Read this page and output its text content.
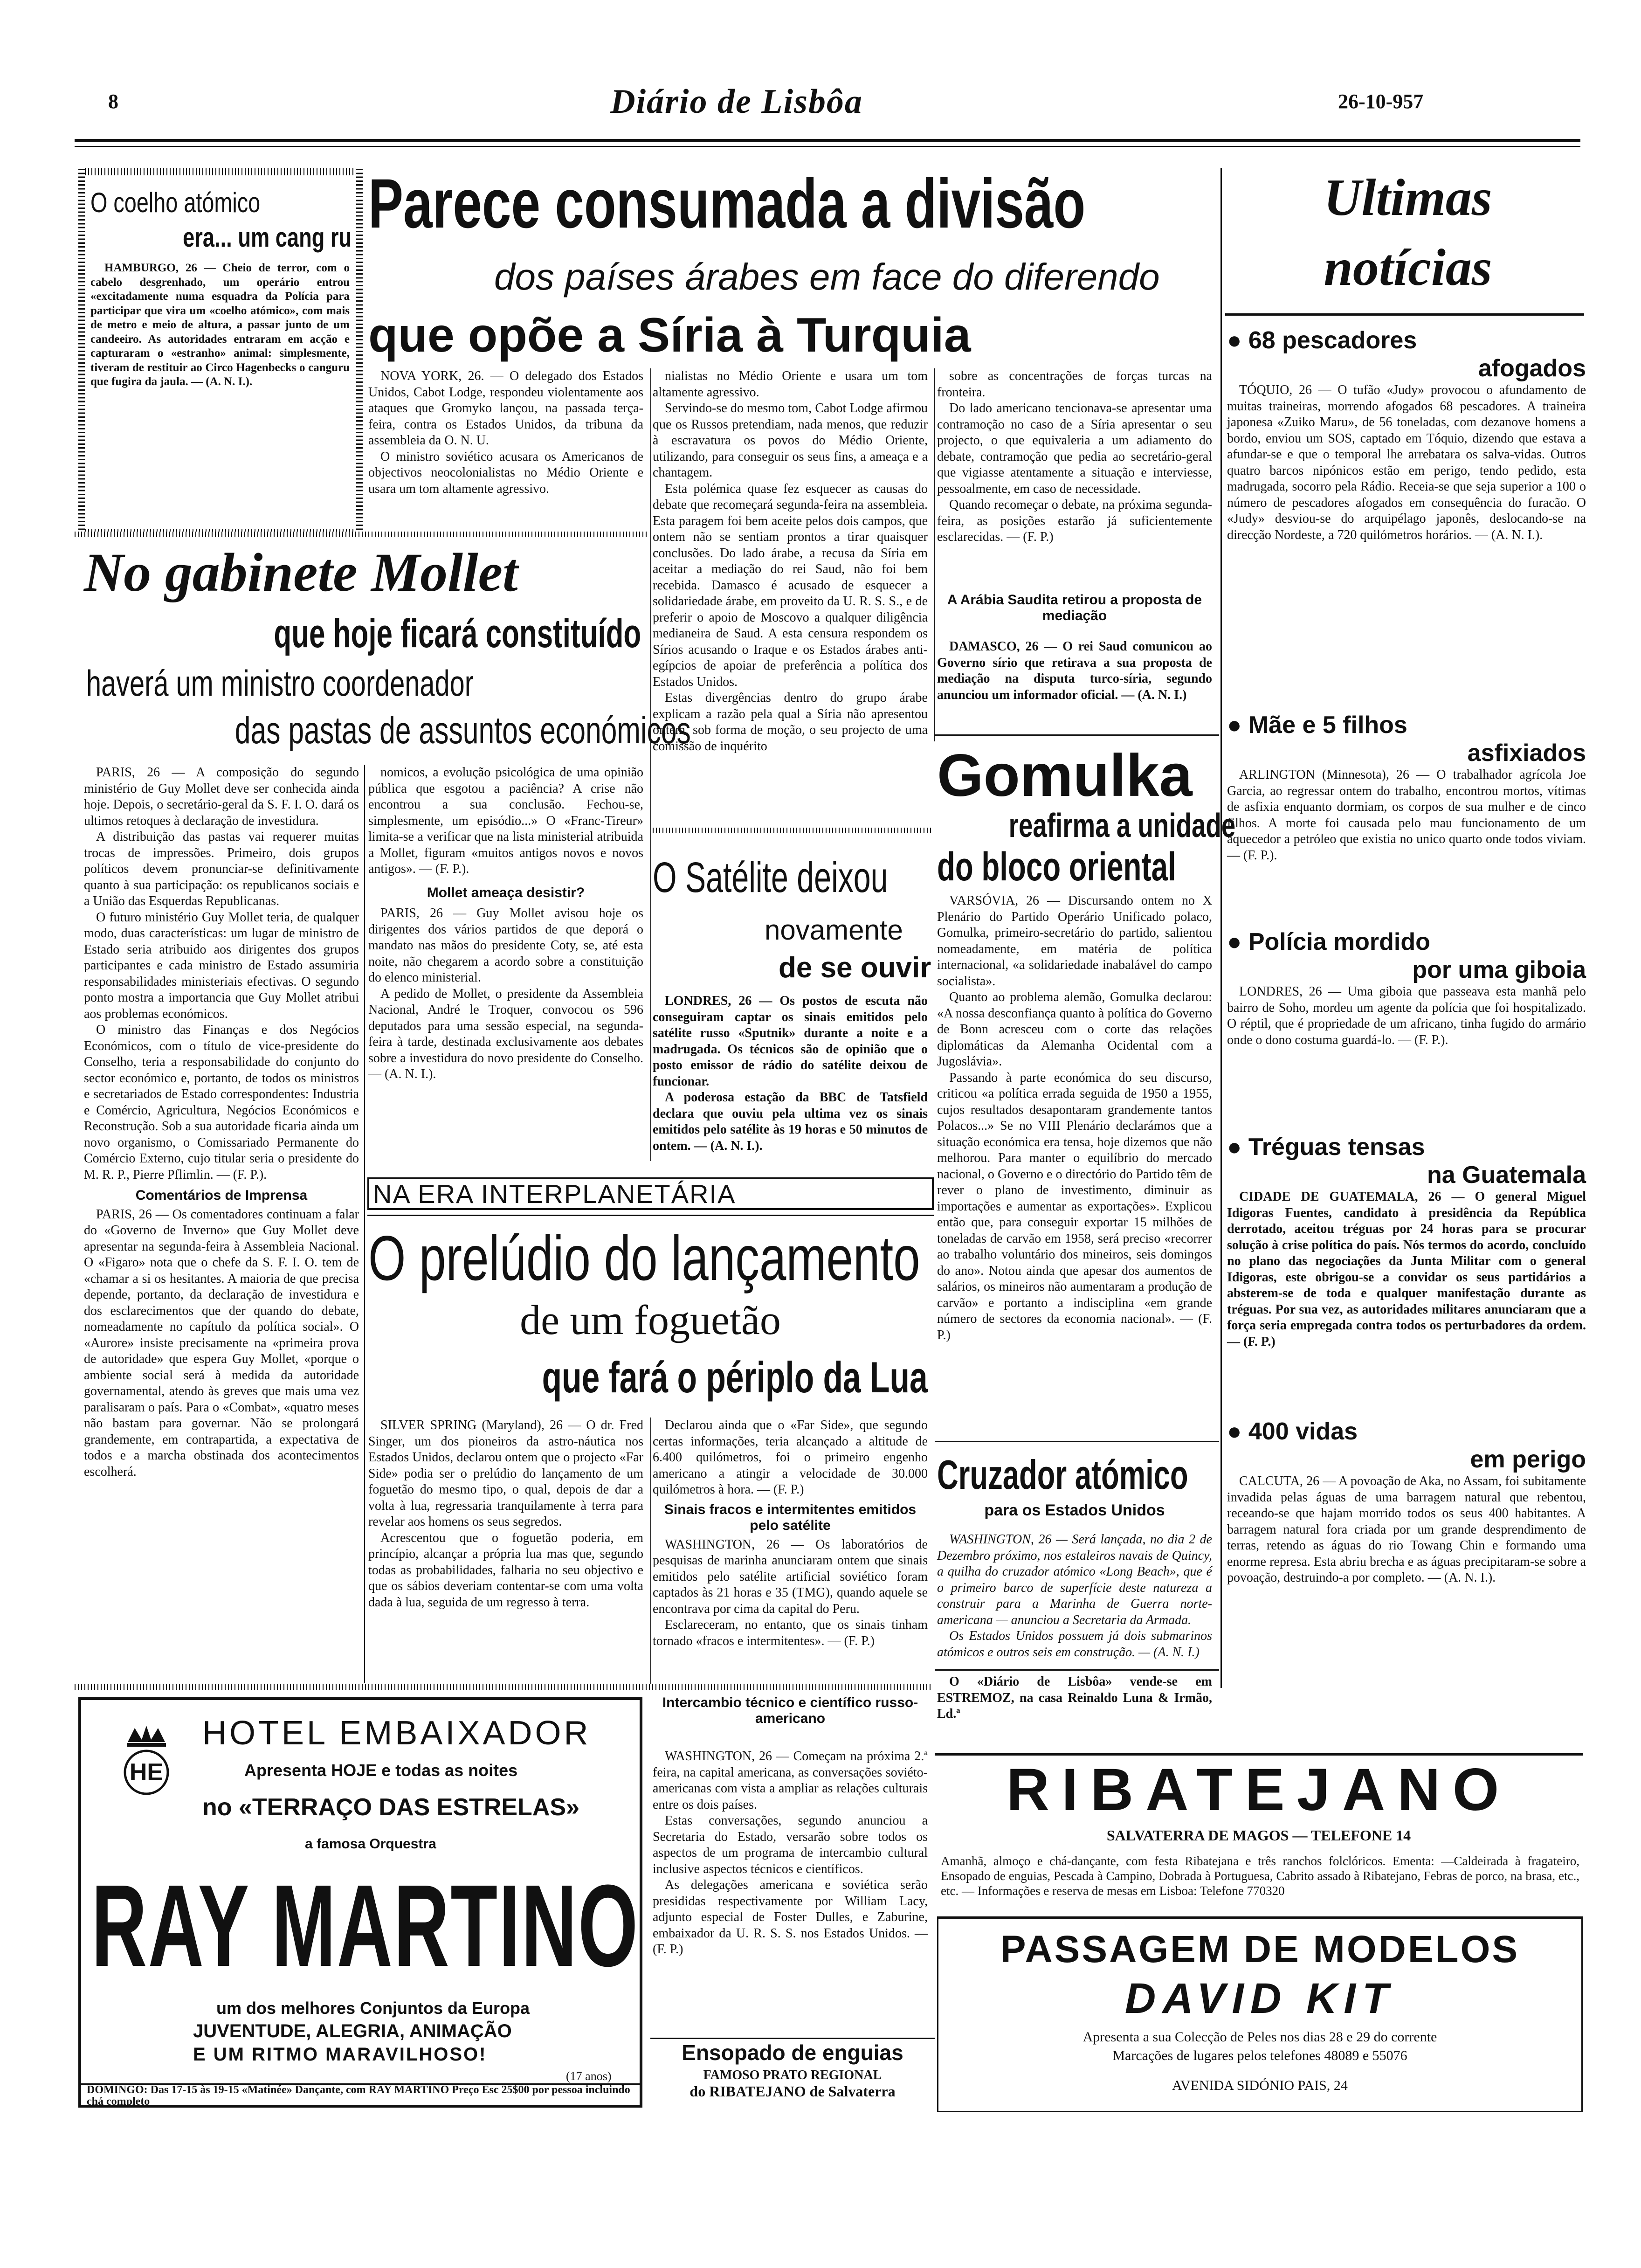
8	Diário de Lisbôa	26-10-957
O coelho atómico
era... um cang ru

HAMBURGO, 26 — Cheio de terror, com o cabelo desgrenhado, um operário entrou «excitadamente numa esquadra da Polícia para participar que vira um «coelho atómico», com mais de metro e meio de altura, a passar junto de um candeeiro. As autoridades entraram em acção e capturaram o «estranho» animal: simplesmente, tiveram de restituir ao Circo Hagenbecks o canguru que fugira da jaula. — (A. N. I.).

Parece consumada a divisão
dos países árabes em face do diferendo
que opõe a Síria à Turquia

NOVA YORK, 26. — O delegado dos Estados Unidos, Cabot Lodge, respondeu violentamente aos ataques que Gromyko lançou, na passada terça-feira, contra os Estados Unidos, da tribuna da assembleia da O. N. U.

O ministro soviético acusara os Americanos de objectivos neocolonialistas no Médio Oriente e usara um tom altamente agressivo.

nialistas no Médio Oriente e usara um tom altamente agressivo.

Servindo-se do mesmo tom, Cabot Lodge afirmou que os Russos pretendiam, nada menos, que reduzir à escravatura os povos do Médio Oriente, utilizando, para conseguir os seus fins, a ameaça e a chantagem.

Esta polémica quase fez esquecer as causas do debate que recomeçará segunda-feira na assembleia. Esta paragem foi bem aceite pelos dois campos, que ontem não se sentiam prontos a tirar quaisquer conclusões. Do lado árabe, a recusa da Síria em aceitar a mediação do rei Saud, não foi bem recebida. Damasco é acusado de esquecer a solidariedade árabe, em proveito da U. R. S. S., e de preferir o apoio de Moscovo a qualquer diligência medianeira de Saud. A esta censura respondem os Sírios acusando o Iraque e os Estados árabes anti-egípcios de apoiar de preferência a política dos Estados Unidos.

Estas divergências dentro do grupo árabe explicam a razão pela qual a Síria não apresentou ontem, sob forma de moção, o seu projecto de uma comissão de inquérito

sobre as concentrações de forças turcas na fronteira.

Do lado americano tencionava-se apresentar uma contramoção no caso de a Síria apresentar o seu projecto, o que equivaleria a um adiamento do debate, contramoção que pedia ao secretário-geral que vigiasse atentamente a situação e interviesse, pessoalmente, em caso de necessidade.

Quando recomeçar o debate, na próxima segunda-feira, as posições estarão já suficientemente esclarecidas. — (F. P.)

A Arábia Saudita retirou a proposta de mediação

DAMASCO, 26 — O rei Saud comunicou ao Governo sírio que retirava a sua proposta de mediação na disputa turco-síria, segundo anunciou um informador oficial. — (A. N. I.)

No gabinete Mollet
que hoje ficará constituído
haverá um ministro coordenador
das pastas de assuntos económicos

PARIS, 26 — A composição do segundo ministério de Guy Mollet deve ser conhecida ainda hoje. Depois, o secretário-geral da S. F. I. O. dará os ultimos retoques à declaração de investidura.

A distribuição das pastas vai requerer muitas trocas de impressões. Primeiro, dois grupos políticos devem pronunciar-se definitivamente quanto à sua participação: os republicanos sociais e a União das Esquerdas Republicanas.

O futuro ministério Guy Mollet teria, de qualquer modo, duas características: um lugar de ministro de Estado seria atribuido aos dirigentes dos grupos participantes e cada ministro de Estado assumiria responsabilidades ministeriais efectivas. O segundo ponto mostra a importancia que Guy Mollet atribui aos problemas económicos.

O ministro das Finanças e dos Negócios Económicos, com o título de vice-presidente do Conselho, teria a responsabilidade do conjunto do sector económico e, portanto, de todos os ministros e secretariados de Estado correspondentes: Industria e Comércio, Agricultura, Negócios Económicos e Reconstrução. Sob a sua autoridade ficaria ainda um novo organismo, o Comissariado Permanente do Comércio Externo, cujo titular seria o presidente do M. R. P., Pierre Pflimlin. — (F. P.).

Comentários de Imprensa

PARIS, 26 — Os comentadores continuam a falar do «Governo de Inverno» que Guy Mollet deve apresentar na segunda-feira à Assembleia Nacional. O «Figaro» nota que o chefe da S. F. I. O. tem de «chamar a si os hesitantes. A maioria de que precisa depende, portanto, da declaração de investidura e dos esclarecimentos que der quando do debate, nomeadamente no capítulo da política social». O «Aurore» insiste precisamente na «primeira prova de autoridade» que espera Guy Mollet, «porque o ambiente social será à medida da autoridade governamental, atendo às greves que mais uma vez paralisaram o país. Para o «Combat», «quatro meses não bastam para governar. Não se prolongará grandemente, em contrapartida, a expectativa de todos e a marcha obstinada dos acontecimentos escolherá.

nomicos, a evolução psicológica de uma opinião pública que esgotou a paciência? A crise não encontrou a sua conclusão. Fechou-se, simplesmente, um episódio...» O «Franc-Tireur» limita-se a verificar que na lista ministerial atribuida a Mollet, figuram «muitos antigos novos e novos antigos». — (F. P.).

Mollet ameaça desistir?

PARIS, 26 — Guy Mollet avisou hoje os dirigentes dos vários partidos de que deporá o mandato nas mãos do presidente Coty, se, até esta noite, não chegarem a acordo sobre a constituição do elenco ministerial.

A pedido de Mollet, o presidente da Assembleia Nacional, André le Troquer, convocou os 596 deputados para uma sessão especial, na segunda-feira à tarde, destinada exclusivamente aos debates sobre a investidura do novo presidente do Conselho. — (A. N. I.).

O Satélite deixou
novamente
de se ouvir

LONDRES, 26 — Os postos de escuta não conseguiram captar os sinais emitidos pelo satélite russo «Sputnik» durante a noite e a madrugada. Os técnicos são de opinião que o posto emissor de rádio do satélite deixou de funcionar.

A poderosa estação da BBC de Tatsfield declara que ouviu pela ultima vez os sinais emitidos pelo satélite às 19 horas e 50 minutos de ontem. — (A. N. I.).

NA ERA INTERPLANETÁRIA
O prelúdio do lançamento
de um foguetão
que fará o périplo da Lua

SILVER SPRING (Maryland), 26 — O dr. Fred Singer, um dos pioneiros da astro-náutica nos Estados Unidos, declarou ontem que o projecto «Far Side» podia ser o prelúdio do lançamento de um foguetão do mesmo tipo, o qual, depois de dar a volta à lua, regressaria tranquilamente à terra para revelar aos homens os seus segredos.

Acrescentou que o foguetão poderia, em princípio, alcançar a própria lua mas que, segundo todas as probabilidades, falharia no seu objectivo e que os sábios deveriam contentar-se com uma volta dada à lua, seguida de um regresso à terra.

Declarou ainda que o «Far Side», que segundo certas informações, teria alcançado a altitude de 6.400 quilómetros, foi o primeiro engenho americano a atingir a velocidade de 30.000 quilómetros à hora. — (F. P.)

Sinais fracos e intermitentes emitidos pelo satélite

WASHINGTON, 26 — Os laboratórios de pesquisas de marinha anunciaram ontem que sinais emitidos pelo satélite artificial soviético foram captados às 21 horas e 35 (TMG), quando aquele se encontrava por cima da capital do Peru.

Esclareceram, no entanto, que os sinais tinham tornado «fracos e intermitentes». — (F. P.)

Intercambio técnico e científico russo-americano

WASHINGTON, 26 — Começam na próxima 2.ª feira, na capital americana, as conversações soviéto-americanas com vista a ampliar as relações culturais entre os dois países.

Estas conversações, segundo anunciou a Secretaria do Estado, versarão sobre todos os aspectos de um programa de intercambio cultural inclusive aspectos técnicos e científicos.

As delegações americana e soviética serão presididas respectivamente por William Lacy, adjunto especial de Foster Dulles, e Zaburine, embaixador da U. R. S. S. nos Estados Unidos. — (F. P.)

Ensopado de enguias
FAMOSO PRATO REGIONAL
do RIBATEJANO de Salvaterra
Gomulka
reafirma a unidade
do bloco oriental

VARSÓVIA, 26 — Discursando ontem no X Plenário do Partido Operário Unificado polaco, Gomulka, primeiro-secretário do partido, salientou nomeadamente, em matéria de política internacional, «a solidariedade inabalável do campo socialista».

Quanto ao problema alemão, Gomulka declarou: «A nossa desconfiança quanto à política do Governo de Bonn acresceu com o corte das relações diplomáticas da Alemanha Ocidental com a Jugoslávia».

Passando à parte económica do seu discurso, criticou «a política errada seguida de 1950 a 1955, cujos resultados desapontaram grandemente tantos Polacos...» Se no VIII Plenário declarámos que a situação económica era tensa, hoje dizemos que não melhorou. Para manter o equilíbrio do mercado nacional, o Governo e o directório do Partido têm de rever o plano de investimento, diminuir as importações e aumentar as exportações». Explicou então que, para conseguir exportar 15 milhões de toneladas de carvão em 1958, será preciso «recorrer ao trabalho voluntário dos mineiros, seis domingos do ano». Notou ainda que apesar dos aumentos de salários, os mineiros não aumentaram a produção de carvão» e portanto a indisciplina «em grande número de sectores da economia nacional». — (F. P.)

Cruzador atómico
para os Estados Unidos

WASHINGTON, 26 — Será lançada, no dia 2 de Dezembro próximo, nos estaleiros navais de Quincy, a quilha do cruzador atómico «Long Beach», que é o primeiro barco de superfície deste natureza a construir para a Marinha de Guerra norte-americana — anunciou a Secretaria da Armada.

Os Estados Unidos possuem já dois submarinos atómicos e outros seis em construção. — (A. N. I.)

O «Diário de Lisbôa» vende-se em ESTREMOZ, na casa Reinaldo Luna & Irmão, Ld.ª

Ultimas
notícias
● 68 pescadores
afogados

TÓQUIO, 26 — O tufão «Judy» provocou o afundamento de muitas traineiras, morrendo afogados 68 pescadores. A traineira japonesa «Zuiko Maru», de 56 toneladas, com dezanove homens a bordo, enviou um SOS, captado em Tóquio, dizendo que estava a afundar-se e que o temporal lhe arrebatara os salva-vidas. Outros quatro barcos nipónicos estão em perigo, tendo pedido, esta madrugada, socorro pela Rádio. Receia-se que seja superior a 100 o número de pescadores afogados em consequência do furacão. O «Judy» desviou-se do arquipélago japonês, deslocando-se na direcção Nordeste, a 720 quilómetros horários. — (A. N. I.).

● Mãe e 5 filhos
asfixiados

ARLINGTON (Minnesota), 26 — O trabalhador agrícola Joe Garcia, ao regressar ontem do trabalho, encontrou mortos, vítimas de asfixia enquanto dormiam, os corpos de sua mulher e de cinco filhos. A morte foi causada pelo mau funcionamento de um aquecedor a petróleo que existia no unico quarto onde todos viviam. — (F. P.).

● Polícia mordido
por uma giboia

LONDRES, 26 — Uma giboia que passeava esta manhã pelo bairro de Soho, mordeu um agente da polícia que foi hospitalizado. O réptil, que é propriedade de um africano, tinha fugido do armário onde o dono costuma guardá-lo. — (F. P.).

● Tréguas tensas
na Guatemala

CIDADE DE GUATEMALA, 26 — O general Miguel Idigoras Fuentes, candidato à presidência da República derrotado, aceitou tréguas por 24 horas para se procurar solução à crise política do país. Nós termos do acordo, concluído no plano das negociações da Junta Militar com o general Idigoras, este obrigou-se a convidar os seus partidários a absterem-se de toda e qualquer manifestação durante as tréguas. Por sua vez, as autoridades militares anunciaram que a força seria empregada contra todos os perturbadores da ordem. — (F. P.)

● 400 vidas
em perigo

CALCUTA, 26 — A povoação de Aka, no Assam, foi subitamente invadida pelas águas de uma barragem natural que rebentou, receando-se que hajam morrido todos os seus 400 habitantes. A barragem natural fora criada por um grande desprendimento de terras, retendo as águas do rio Towang Chin e formando uma enorme represa. Esta abriu brecha e as águas precipitaram-se sobre a povoação, destruindo-a por completo. — (A. N. I.).

HE
HOTEL EMBAIXADOR
Apresenta HOJE e todas as noites
no «TERRAÇO DAS ESTRELAS»
a famosa Orquestra
RAY MARTINO
um dos melhores Conjuntos da Europa
JUVENTUDE, ALEGRIA, ANIMAÇÃO
E UM RITMO MARAVILHOSO!
(17 anos)
DOMINGO: Das 17-15 às 19-15 «Matinée» Dançante, com RAY MARTINO Preço Esc 25$00 por pessoa incluindo chá completo
RIBATEJANO
SALVATERRA DE MAGOS — TELEFONE 14

Amanhã, almoço e chá-dançante, com festa Ribatejana e três ranchos folclóricos. Ementa: —Caldeirada à fragateiro, Ensopado de enguias, Pescada à Campino, Dobrada à Portuguesa, Cabrito assado à Ribatejano, Febras de porco, na brasa, etc., etc. — Informações e reserva de mesas em Lisboa: Telefone 770320

PASSAGEM DE MODELOS
DAVID KIT
Apresenta a sua Colecção de Peles nos dias 28 e 29 do corrente
Marcações de lugares pelos telefones 48089 e 55076
AVENIDA SIDÓNIO PAIS, 24
